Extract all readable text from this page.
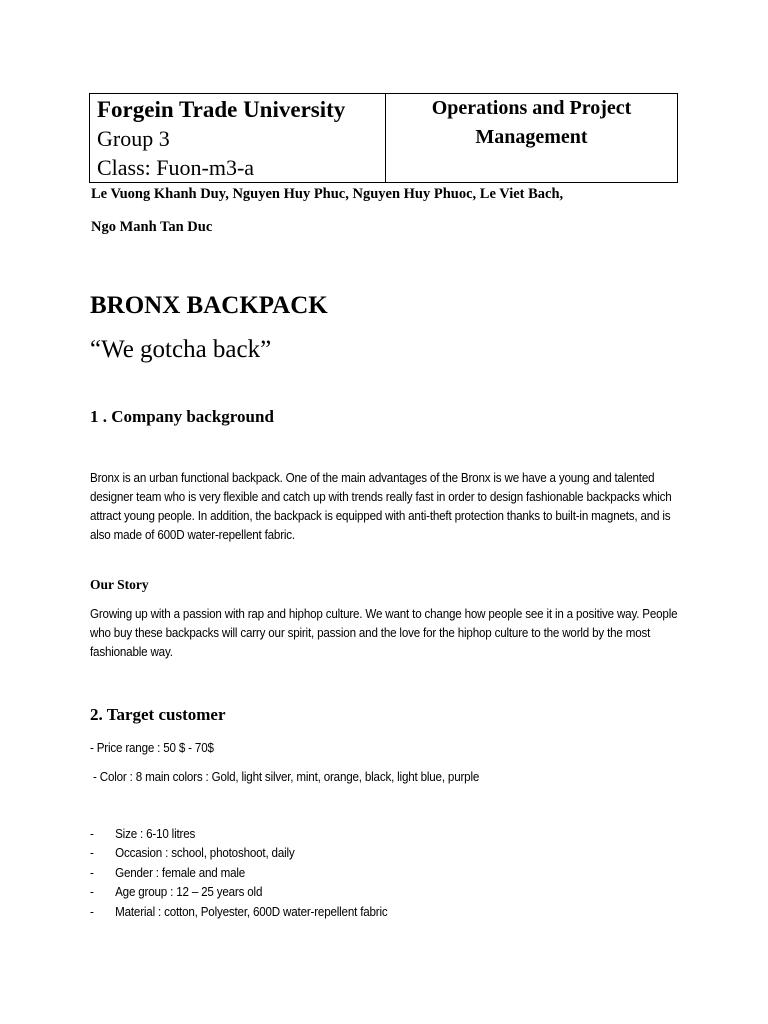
Forgein Trade University
Group 3
Class: Fuon-m3-a
Operations and Project
Management
Le Vuong Khanh Duy, Nguyen Huy Phuc, Nguyen Huy Phuoc, Le Viet Bach,
Ngo Manh Tan Duc
BRONX BACKPACK
“We gotcha back”
1 . Company background
Bronx is an urban functional backpack. One of the main advantages of the Bronx is we have a young and talented designer team who is very flexible and catch up with trends really fast in order to design fashionable backpacks which attract young people. In addition, the backpack is equipped with anti-theft protection thanks to built-in magnets, and is also made of 600D water-repellent fabric.
Our Story
Growing up with a passion with rap and hiphop culture. We want to change how people see it in a positive way. People who buy these backpacks will carry our spirit, passion and the love for the hiphop culture to the world by the most fashionable way.
2. Target customer
- Price range : 50 $ - 70$
- Color : 8 main colors : Gold, light silver, mint, orange, black, light blue, purple
-	Size : 6-10 litres
-	Occasion : school, photoshoot, daily
-	Gender : female and male
-	Age group : 12 – 25 years old
-	Material : cotton, Polyester, 600D water-repellent fabric
